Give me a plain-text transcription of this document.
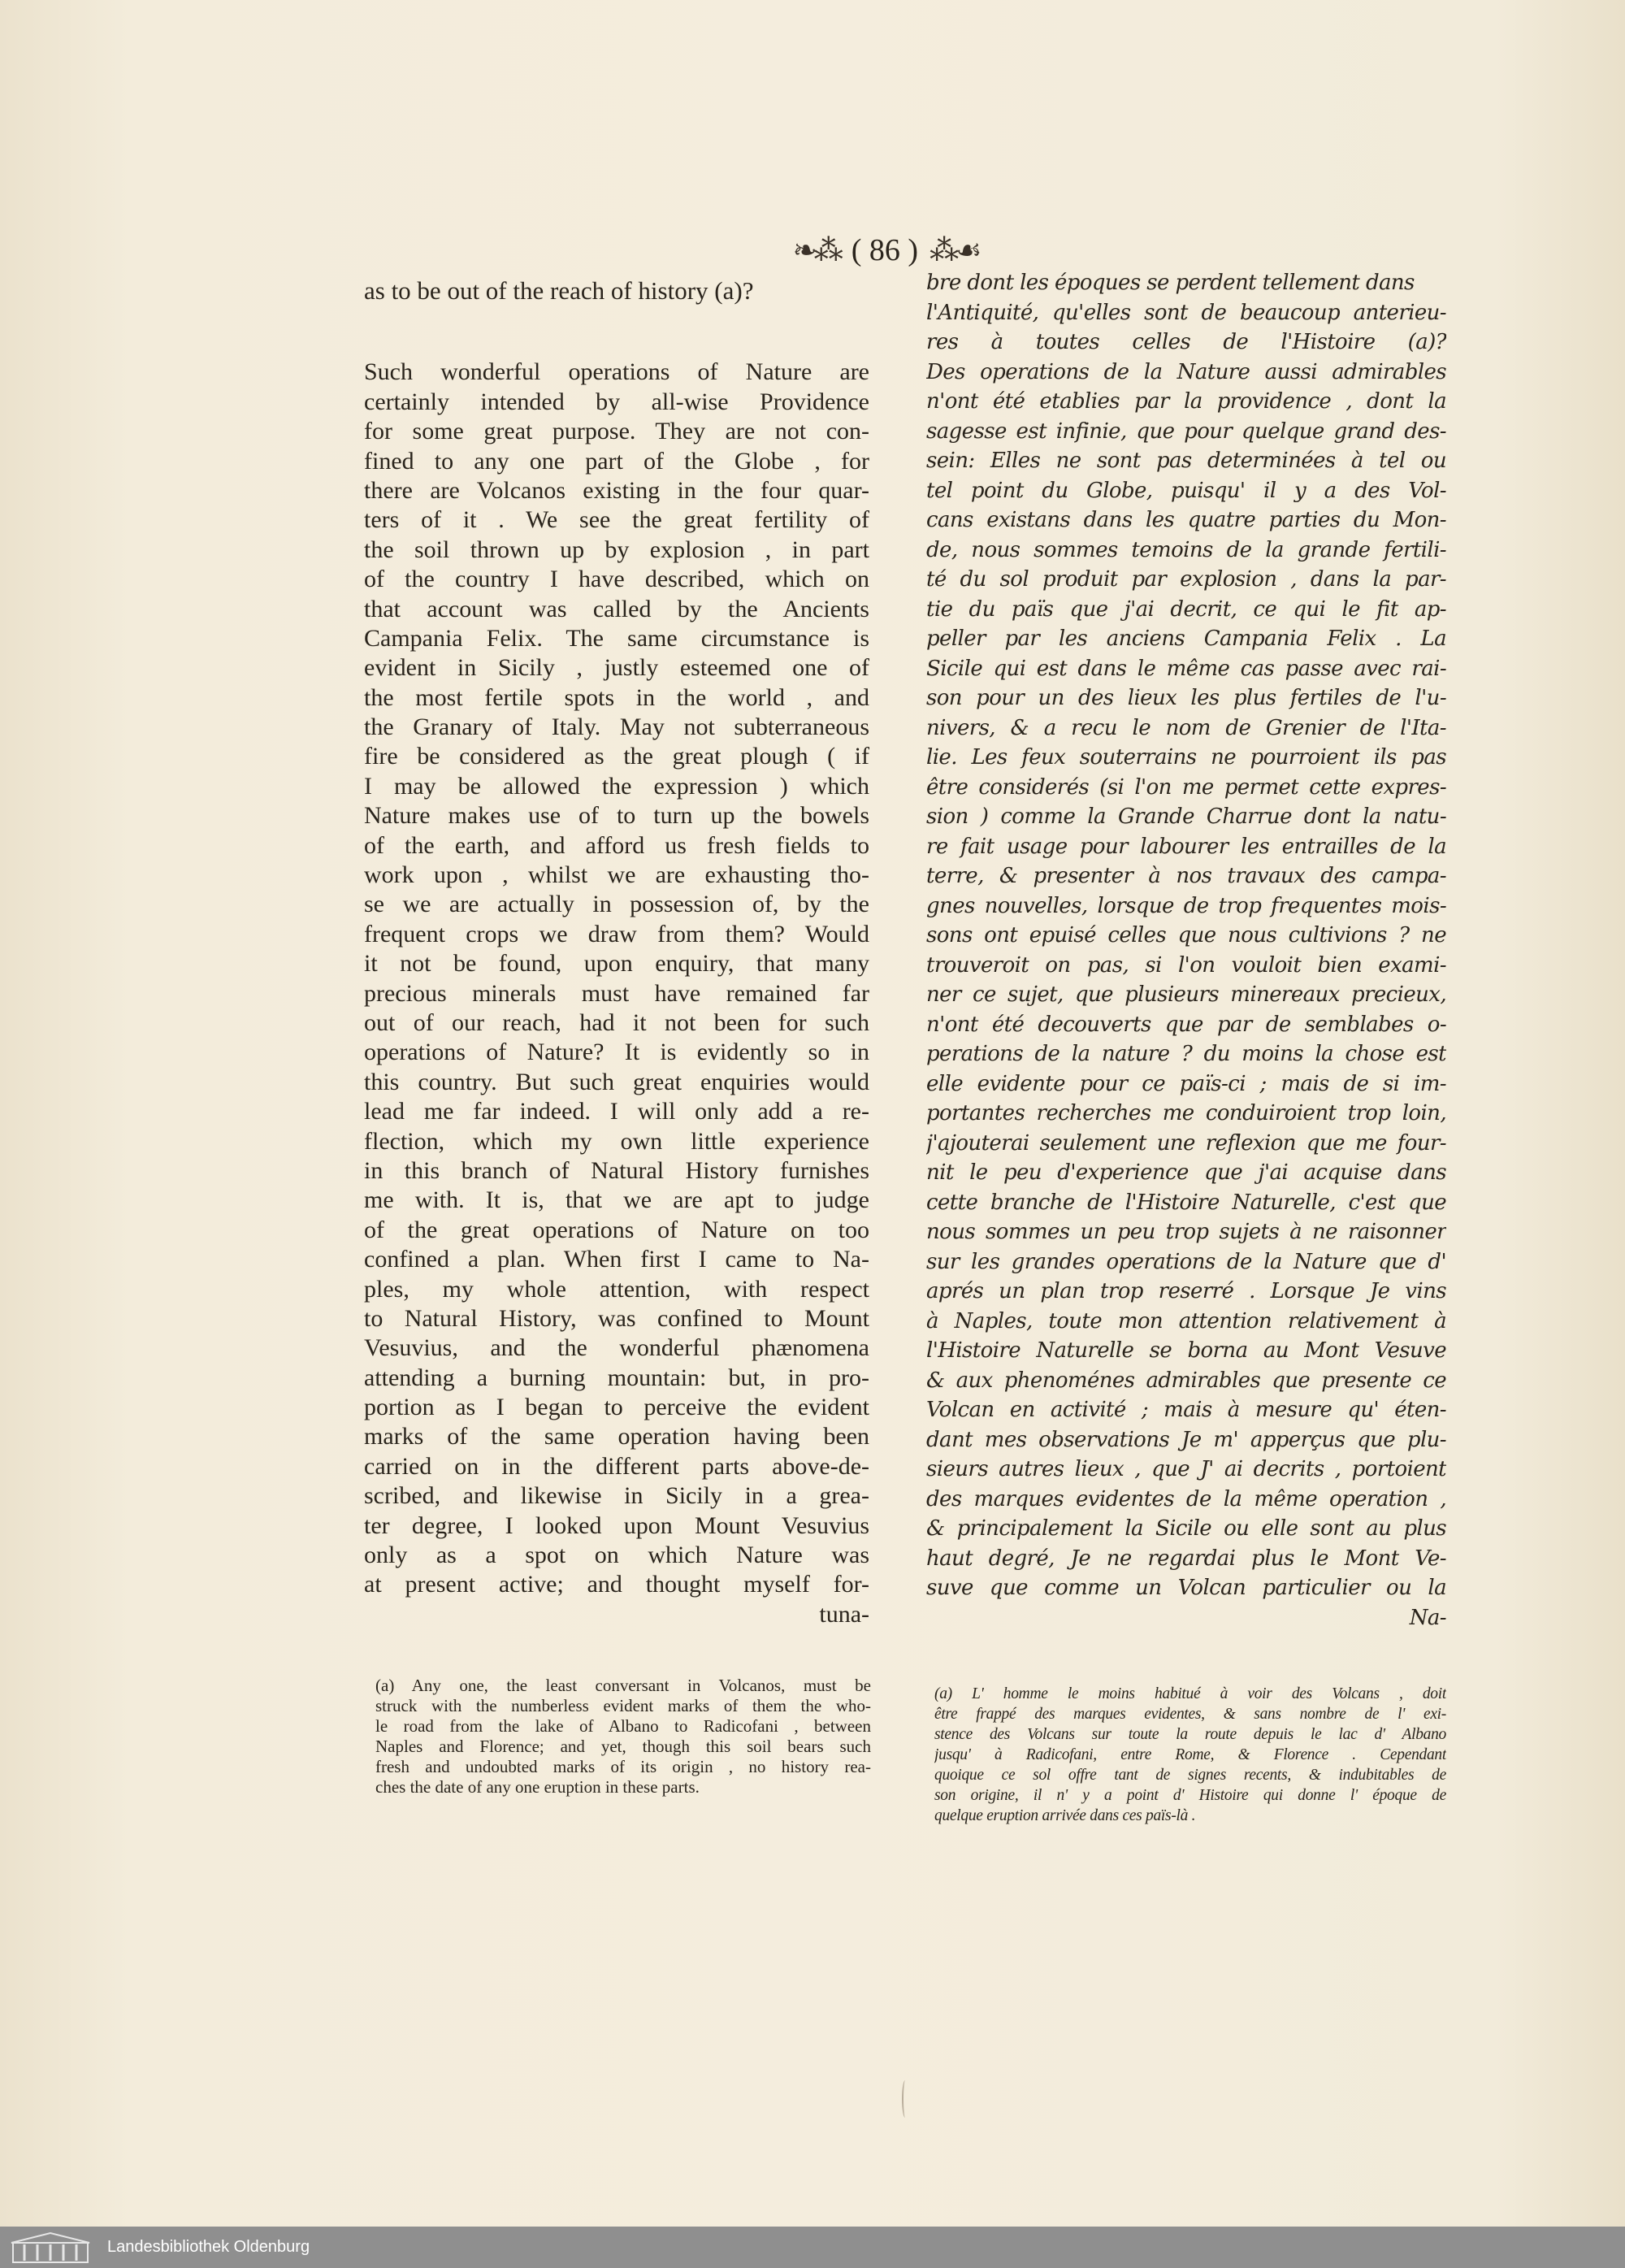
❧⁂ ( 86 ) ⁂☙
as to be out of the reach of history (a)?
Such wonderful operations of Nature are
certainly intended by all-wise Providence
for some great purpose. They are not con-
fined to any one part of the Globe , for
there are Volcanos existing in the four quar-
ters of it . We see the great fertility of
the soil thrown up by explosion , in part
of the country I have described, which on
that account was called by the Ancients
Campania Felix. The same circumstance is
evident in Sicily , justly esteemed one of
the most fertile spots in the world , and
the Granary of Italy. May not subterraneous
fire be considered as the great plough ( if
I may be allowed the expression ) which
Nature makes use of to turn up the bowels
of the earth, and afford us fresh fields to
work upon , whilst we are exhausting tho-
se we are actually in possession of, by the
frequent crops we draw from them? Would
it not be found, upon enquiry, that many
precious minerals must have remained far
out of our reach, had it not been for such
operations of Nature? It is evidently so in
this country. But such great enquiries would
lead me far indeed. I will only add a re-
flection, which my own little experience
in this branch of Natural History furnishes
me with. It is, that we are apt to judge
of the great operations of Nature on too
confined a plan. When first I came to Na-
ples, my whole attention, with respect
to Natural History, was confined to Mount
Vesuvius, and the wonderful phænomena
attending a burning mountain: but, in pro-
portion as I began to perceive the evident
marks of the same operation having been
carried on in the different parts above-de-
scribed, and likewise in Sicily in a grea-
ter degree, I looked upon Mount Vesuvius
only as a spot on which Nature was
at present active; and thought myself for-
tuna-
bre dont les époques se perdent tellement dans
l'Antiquité, qu'elles sont de beaucoup anterieu-
res à toutes celles de l'Histoire (a)?
Des operations de la Nature aussi admirables
n'ont été etablies par la providence , dont la
sagesse est infinie, que pour quelque grand des-
sein: Elles ne sont pas determinées à tel ou
tel point du Globe, puisqu' il y a des Vol-
cans existans dans les quatre parties du Mon-
de, nous sommes temoins de la grande fertili-
té du sol produit par explosion , dans la par-
tie du païs que j'ai decrit, ce qui le fit ap-
peller par les anciens Campania Felix . La
Sicile qui est dans le même cas passe avec rai-
son pour un des lieux les plus fertiles de l'u-
nivers, & a recu le nom de Grenier de l'Ita-
lie. Les feux souterrains ne pourroient ils pas
être considerés (si l'on me permet cette expres-
sion ) comme la Grande Charrue dont la natu-
re fait usage pour labourer les entrailles de la
terre, & presenter à nos travaux des campa-
gnes nouvelles, lorsque de trop frequentes mois-
sons ont epuisé celles que nous cultivions ? ne
trouveroit on pas, si l'on vouloit bien exami-
ner ce sujet, que plusieurs minereaux precieux,
n'ont été decouverts que par de semblabes o-
perations de la nature ? du moins la chose est
elle evidente pour ce païs-ci ; mais de si im-
portantes recherches me conduiroient trop loin,
j'ajouterai seulement une reflexion que me four-
nit le peu d'experience que j'ai acquise dans
cette branche de l'Histoire Naturelle, c'est que
nous sommes un peu trop sujets à ne raisonner
sur les grandes operations de la Nature que d'
aprés un plan trop reserré . Lorsque Je vins
à Naples, toute mon attention relativement à
l'Histoire Naturelle se borna au Mont Vesuve
& aux phenoménes admirables que presente ce
Volcan en activité ; mais à mesure qu' éten-
dant mes observations Je m' apperçus que plu-
sieurs autres lieux , que J' ai decrits , portoient
des marques evidentes de la même operation ,
& principalement la Sicile ou elle sont au plus
haut degré, Je ne regardai plus le Mont Ve-
suve que comme un Volcan particulier ou la
Na-
(a) Any one, the least conversant in Volcanos, must be
struck with the numberless evident marks of them the who-
le road from the lake of Albano to Radicofani , between
Naples and Florence; and yet, though this soil bears such
fresh and undoubted marks of its origin , no history rea-
ches the date of any one eruption in these parts.
(a) L' homme le moins habitué à voir des Volcans , doit
être frappé des marques evidentes, & sans nombre de l' exi-
stence des Volcans sur toute la route depuis le lac d' Albano
jusqu' à Radicofani, entre Rome, & Florence . Cependant
quoique ce sol offre tant de signes recents, & indubitables de
son origine, il n' y a point d' Histoire qui donne l' époque de
quelque eruption arrivée dans ces païs-là .
Landesbibliothek Oldenburg
